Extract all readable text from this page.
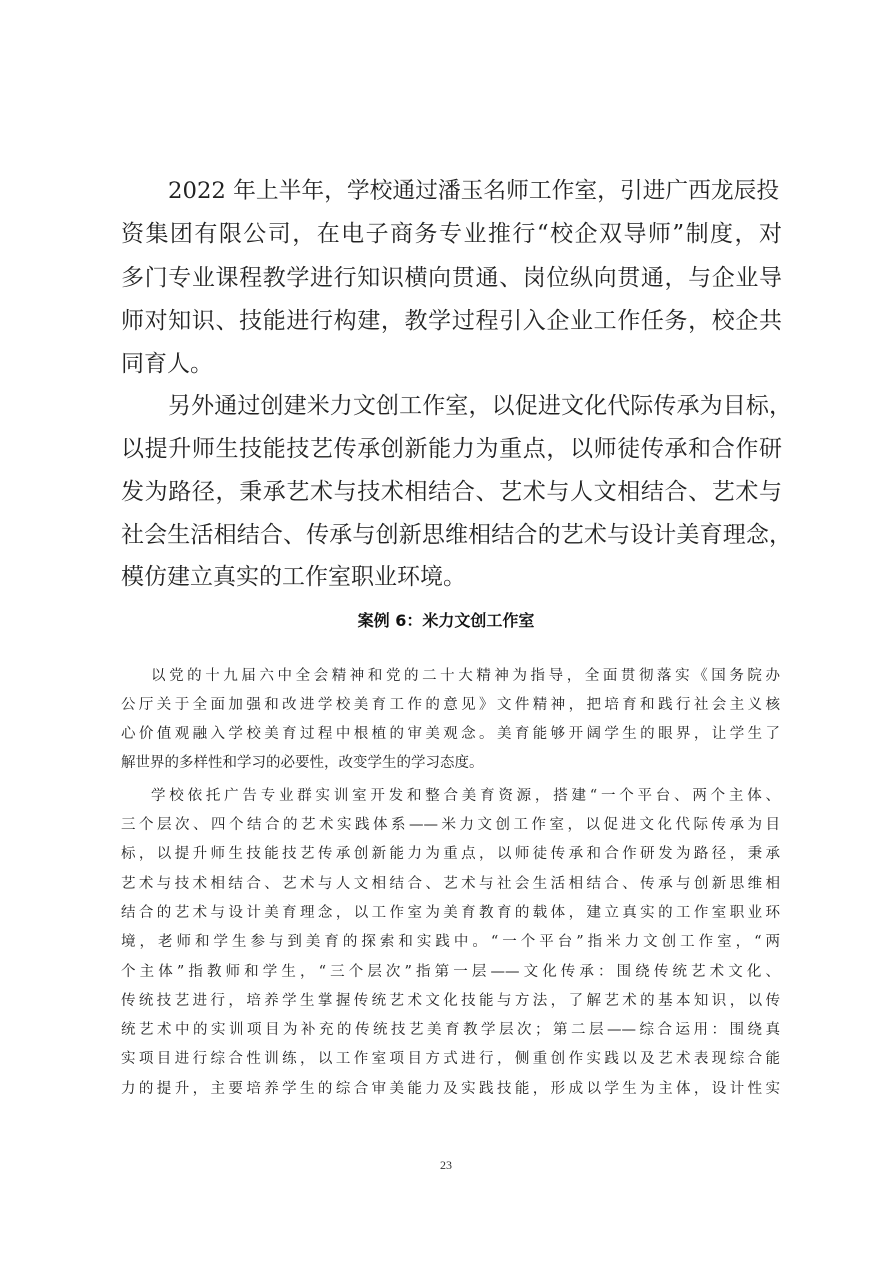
2022 年上半年，学校通过潘玉名师工作室，引进广西龙辰投
资集团有限公司，在电子商务专业推行“校企双导师”制度，对
多门专业课程教学进行知识横向贯通、岗位纵向贯通，与企业导
师对知识、技能进行构建，教学过程引入企业工作任务，校企共
同育人。
另外通过创建米力文创工作室，以促进文化代际传承为目标，
以提升师生技能技艺传承创新能力为重点，以师徒传承和合作研
发为路径，秉承艺术与技术相结合、艺术与人文相结合、艺术与
社会生活相结合、传承与创新思维相结合的艺术与设计美育理念，
模仿建立真实的工作室职业环境。
案例 6：米力文创工作室
以党的十九届六中全会精神和党的二十大精神为指导，全面贯彻落实《国务院办
公厅关于全面加强和改进学校美育工作的意见》文件精神，把培育和践行社会主义核
心价值观融入学校美育过程中根植的审美观念。美育能够开阔学生的眼界，让学生了
解世界的多样性和学习的必要性，改变学生的学习态度。
学校依托广告专业群实训室开发和整合美育资源，搭建“一个平台、两个主体、
三个层次、四个结合的艺术实践体系——米力文创工作室，以促进文化代际传承为目
标，以提升师生技能技艺传承创新能力为重点，以师徒传承和合作研发为路径，秉承
艺术与技术相结合、艺术与人文相结合、艺术与社会生活相结合、传承与创新思维相
结合的艺术与设计美育理念，以工作室为美育教育的载体，建立真实的工作室职业环
境，老师和学生参与到美育的探索和实践中。“一个平台”指米力文创工作室，“两
个主体”指教师和学生，“三个层次”指第一层——文化传承：围绕传统艺术文化、
传统技艺进行，培养学生掌握传统艺术文化技能与方法，了解艺术的基本知识，以传
统艺术中的实训项目为补充的传统技艺美育教学层次；第二层——综合运用：围绕真
实项目进行综合性训练，以工作室项目方式进行，侧重创作实践以及艺术表现综合能
力的提升，主要培养学生的综合审美能力及实践技能，形成以学生为主体，设计性实
23
